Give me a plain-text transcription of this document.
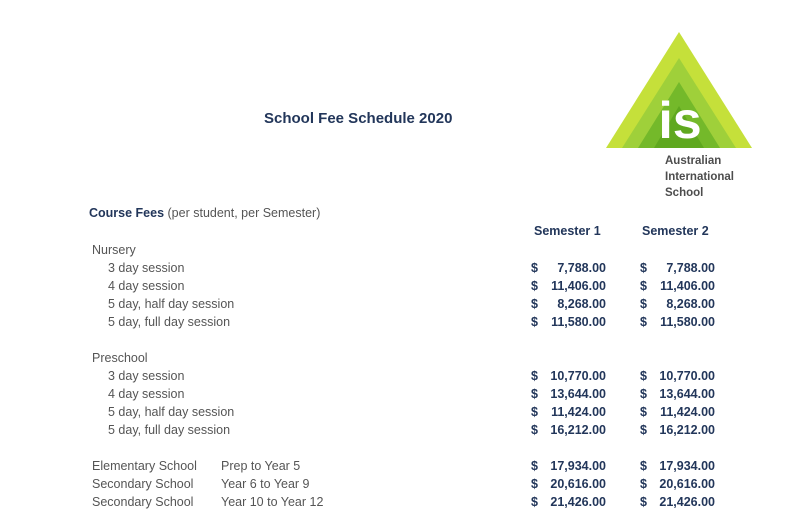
School Fee Schedule 2020	is
Australian
International
School
Course Fees (per student, per Semester)
Semester 1	Semester 2
Nursery
3 day session	$ 7,788.00	$ 7,788.00
4 day session	$ 11,406.00	$ 11,406.00
5 day, half day session	$ 8,268.00	$ 8,268.00
5 day, full day session	$ 11,580.00	$ 11,580.00
Preschool
3 day session	$ 10,770.00	$ 10,770.00
4 day session	$ 13,644.00	$ 13,644.00
5 day, half day session	$ 11,424.00	$ 11,424.00
5 day, full day session	$ 16,212.00	$ 16,212.00
Elementary School Prep to Year 5	$ 17,934.00	$ 17,934.00
Secondary School Year 6 to Year 9	$ 20,616.00	$ 20,616.00
Secondary School Year 10 to Year 12	$ 21,426.00	$ 21,426.00
